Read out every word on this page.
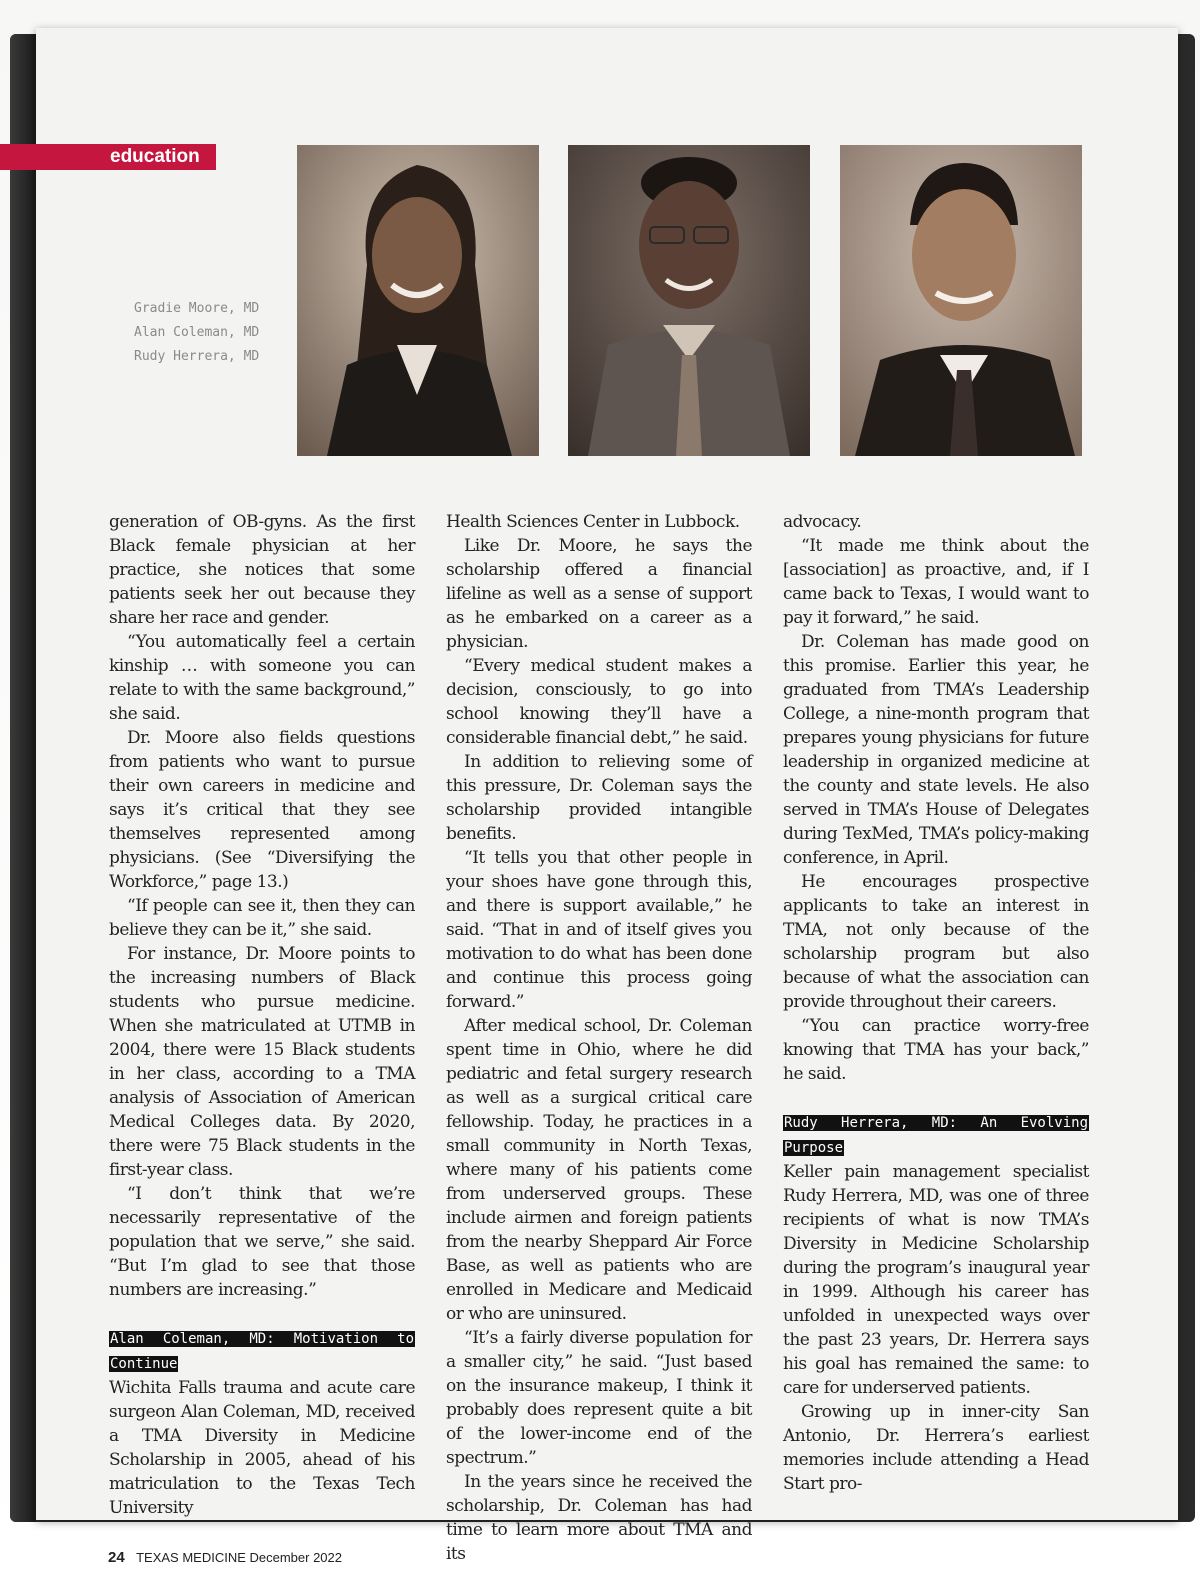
education
Gradie Moore, MD
Alan Coleman, MD
Rudy Herrera, MD

generation of OB-gyns. As the first Black female physician at her practice, she notices that some patients seek her out because they share her race and gender.

“You automatically feel a certain kinship … with someone you can relate to with the same background,” she said.

Dr. Moore also fields questions from patients who want to pursue their own careers in medicine and says it’s critical that they see themselves represented among physicians. (See “Diversifying the Workforce,” page 13.)

“If people can see it, then they can believe they can be it,” she said.

For instance, Dr. Moore points to the increasing numbers of Black students who pursue medicine. When she matriculated at UTMB in 2004, there were 15 Black students in her class, according to a TMA analysis of Association of American Medical Colleges data. By 2020, there were 75 Black students in the first-year class.

“I don’t think that we’re necessarily representative of the population that we serve,” she said. “But I’m glad to see that those numbers are increasing.”

Alan Coleman, MD: Motivation to Continue

Wichita Falls trauma and acute care surgeon Alan Coleman, MD, received a TMA Diversity in Medicine Scholarship in 2005, ahead of his matriculation to the Texas Tech University

Health Sciences Center in Lubbock.

Like Dr. Moore, he says the scholarship offered a financial lifeline as well as a sense of support as he embarked on a career as a physician.

“Every medical student makes a decision, consciously, to go into school knowing they’ll have a considerable financial debt,” he said.

In addition to relieving some of this pressure, Dr. Coleman says the scholarship provided intangible benefits.

“It tells you that other people in your shoes have gone through this, and there is support available,” he said. “That in and of itself gives you motivation to do what has been done and continue this process going forward.”

After medical school, Dr. Coleman spent time in Ohio, where he did pediatric and fetal surgery research as well as a surgical critical care fellowship. Today, he practices in a small community in North Texas, where many of his patients come from underserved groups. These include airmen and foreign patients from the nearby Sheppard Air Force Base, as well as patients who are enrolled in Medicare and Medicaid or who are uninsured.

“It’s a fairly diverse population for a smaller city,” he said. “Just based on the insurance makeup, I think it probably does represent quite a bit of the lower-income end of the spectrum.”

In the years since he received the scholarship, Dr. Coleman has had time to learn more about TMA and its

advocacy.

“It made me think about the [association] as proactive, and, if I came back to Texas, I would want to pay it forward,” he said.

Dr. Coleman has made good on this promise. Earlier this year, he graduated from TMA’s Leadership College, a nine-month program that prepares young physicians for future leadership in organized medicine at the county and state levels. He also served in TMA’s House of Delegates during TexMed, TMA’s policy-making conference, in April.

He encourages prospective applicants to take an interest in TMA, not only because of the scholarship program but also because of what the association can provide throughout their careers.

“You can practice worry-free knowing that TMA has your back,” he said.

Rudy Herrera, MD: An Evolving Purpose

Keller pain management specialist Rudy Herrera, MD, was one of three recipients of what is now TMA’s Diversity in Medicine Scholarship during the program’s inaugural year in 1999. Although his career has unfolded in unexpected ways over the past 23 years, Dr. Herrera says his goal has remained the same: to care for underserved patients.

Growing up in inner-city San Antonio, Dr. Herrera’s earliest memories include attending a Head Start pro-

24 TEXAS MEDICINE December 2022
